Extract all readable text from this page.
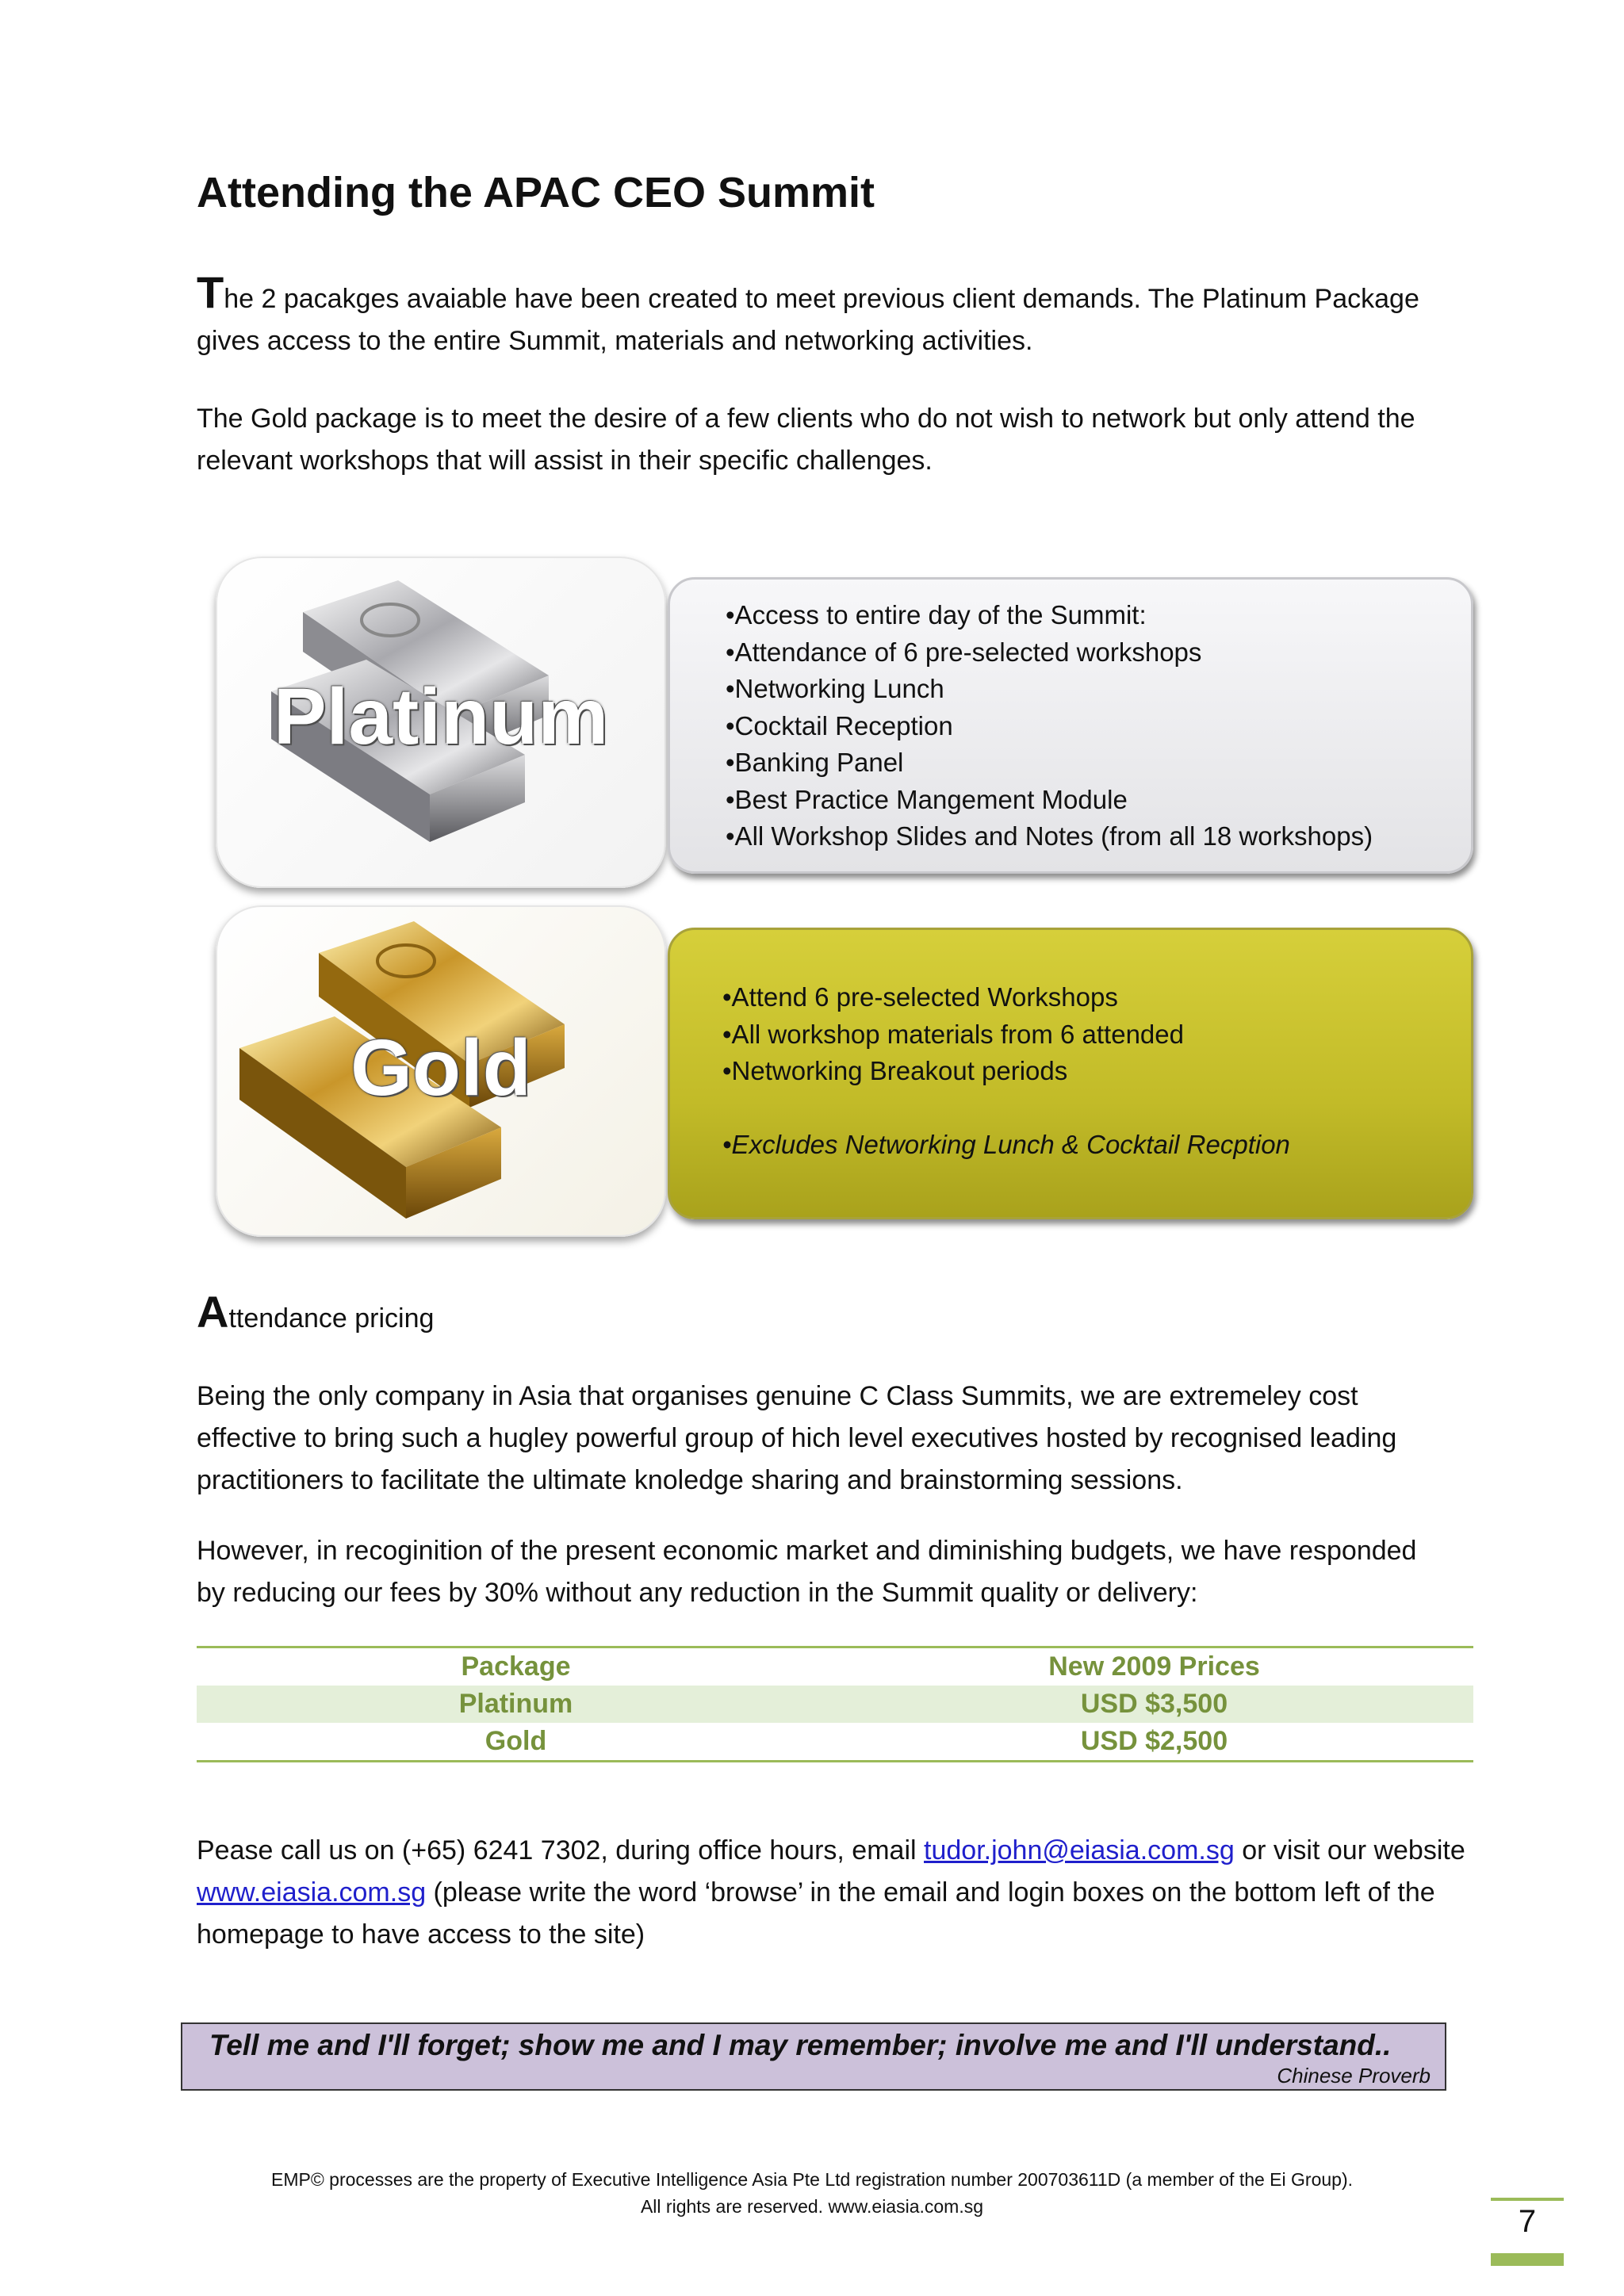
Attending the APAC CEO Summit
The 2 pacakges avaiable have been created to meet previous client demands. The Platinum Package gives access to the entire Summit, materials and networking activities.
The Gold package is to meet the desire of a few clients who do not wish to network but only attend the relevant workshops that will assist in their specific challenges.
Platinum
•Access to entire day of the Summit:
•Attendance of 6 pre-selected workshops
•Networking Lunch
•Cocktail Reception
•Banking Panel
•Best Practice Mangement Module
•All Workshop Slides and Notes (from all 18 workshops)
Gold
•Attend 6 pre-selected Workshops
•All workshop materials from 6 attended
•Networking Breakout periods
•Excludes Networking Lunch & Cocktail Recption
Attendance pricing
Being the only company in Asia that organises genuine C Class Summits, we are extremeley cost effective to bring such a hugley powerful group of hich level executives hosted by recognised leading practitioners to facilitate the ultimate knoledge sharing and brainstorming sessions.
However, in recoginition of the present economic market and diminishing budgets, we have responded by reducing our fees by 30% without any reduction in the Summit quality or delivery:
Package	New 2009 Prices
Platinum	USD $3,500
Gold	USD $2,500
Pease call us on (+65) 6241 7302, during office hours, email tudor.john@eiasia.com.sg or visit our website www.eiasia.com.sg (please write the word ‘browse’ in the email and login boxes on the bottom left of the homepage to have access to the site)
Tell me and I'll forget; show me and I may remember; involve me and I'll understand..
Chinese Proverb
EMP© processes are the property of Executive Intelligence Asia Pte Ltd registration number 200703611D (a member of the Ei Group).
All rights are reserved. www.eiasia.com.sg	7
